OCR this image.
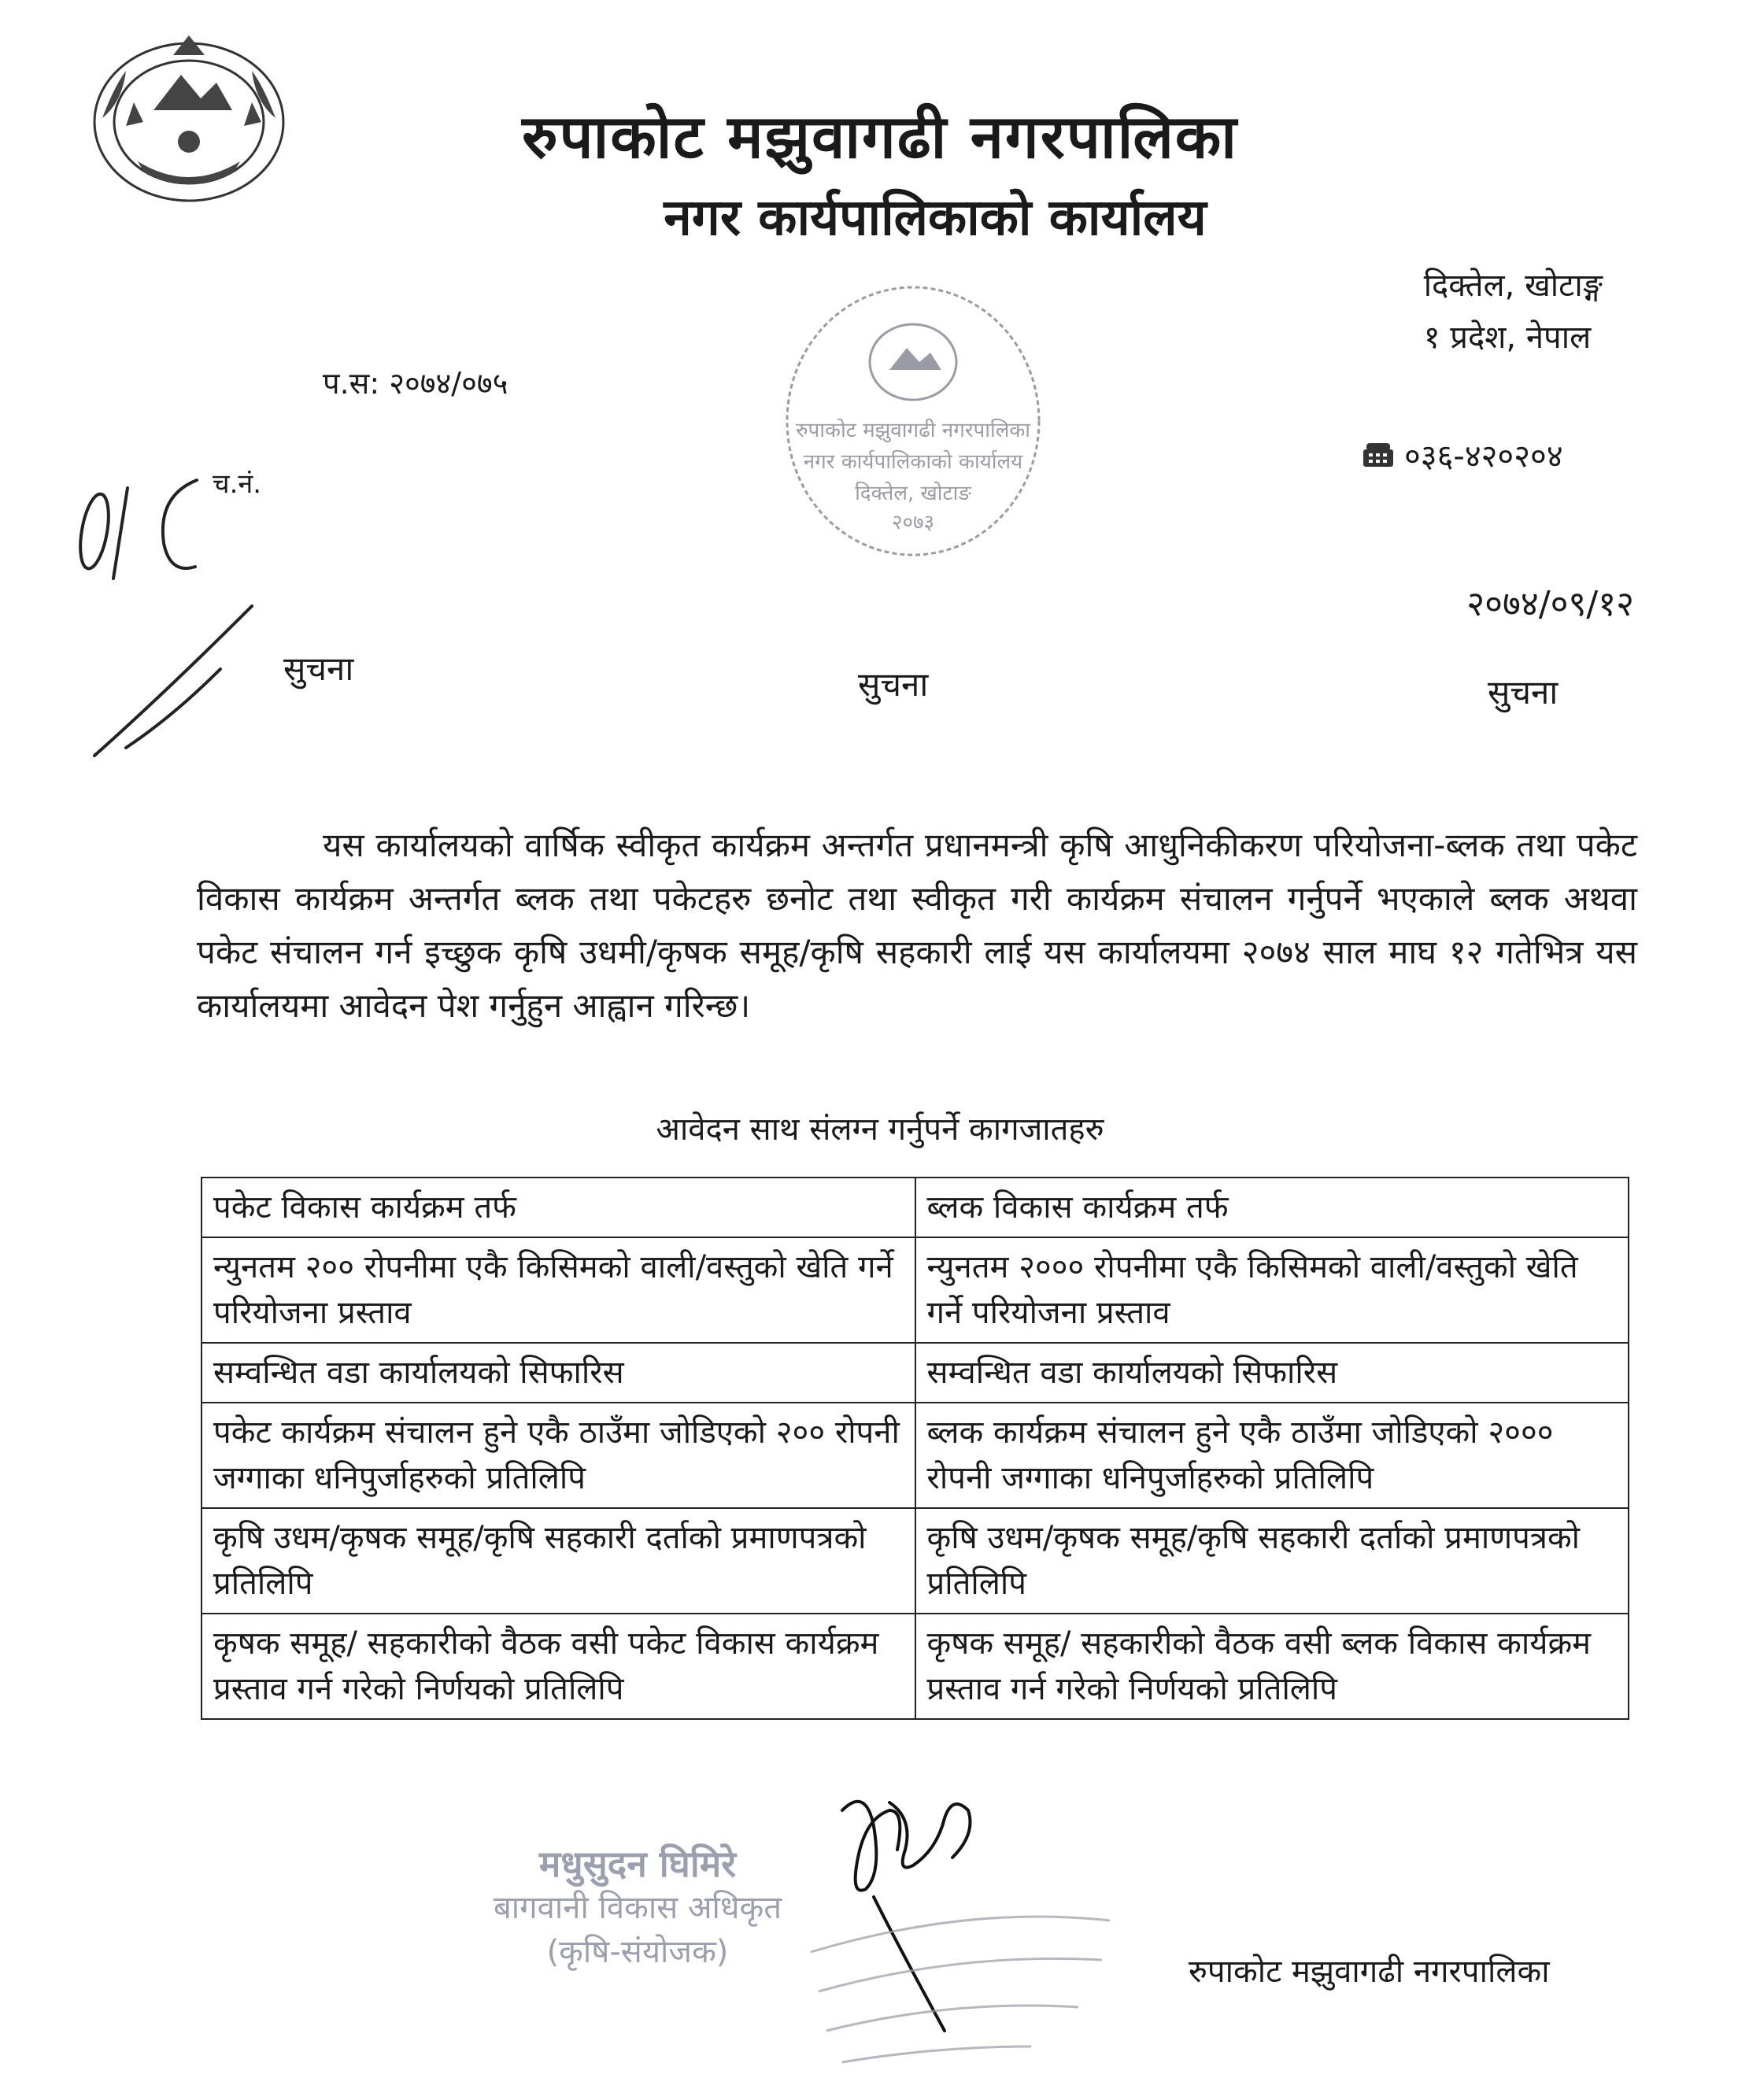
रुपाकोट मझुवागढी नगरपालिका
नगर कार्यपालिकाको कार्यालय
दिक्तेल, खोटाङ्ग
१ प्रदेश, नेपाल
प.स: २०७४/०७५
०३६-४२०२०४
च.नं.
रुपाकोट मझुवागढी नगरपालिका
नगर कार्यपालिकाको कार्यालय
दिक्तेल, खोटाङ
२०७३
२०७४/०९/१२
सुचना	सुचना	सुचना
यस कार्यालयको वार्षिक स्वीकृत कार्यक्रम अन्तर्गत प्रधानमन्त्री कृषि आधुनिकीकरण परियोजना-ब्लक तथा पकेट विकास कार्यक्रम अन्तर्गत ब्लक तथा पकेटहरु छनोट तथा स्वीकृत गरी कार्यक्रम संचालन गर्नुपर्ने भएकाले ब्लक अथवा पकेट संचालन गर्न इच्छुक कृषि उधमी/कृषक समूह/कृषि सहकारी लाई यस कार्यालयमा २०७४ साल माघ १२ गतेभित्र यस कार्यालयमा आवेदन पेश गर्नुहुन आह्वान गरिन्छ।
आवेदन साथ संलग्न गर्नुपर्ने कागजातहरु
पकेट विकास कार्यक्रम तर्फ	ब्लक विकास कार्यक्रम तर्फ
न्युनतम २०० रोपनीमा एकै किसिमको वाली/वस्तुको खेति गर्ने परियोजना प्रस्ताव	न्युनतम २००० रोपनीमा एकै किसिमको वाली/वस्तुको खेति गर्ने परियोजना प्रस्ताव
सम्वन्धित वडा कार्यालयको सिफारिस	सम्वन्धित वडा कार्यालयको सिफारिस
पकेट कार्यक्रम संचालन हुने एकै ठाउँमा जोडिएको २०० रोपनी जग्गाका धनिपुर्जाहरुको प्रतिलिपि	ब्लक कार्यक्रम संचालन हुने एकै ठाउँमा जोडिएको २००० रोपनी जग्गाका धनिपुर्जाहरुको प्रतिलिपि
कृषि उधम/कृषक समूह/कृषि सहकारी दर्ताको प्रमाणपत्रको प्रतिलिपि	कृषि उधम/कृषक समूह/कृषि सहकारी दर्ताको प्रमाणपत्रको प्रतिलिपि
कृषक समूह/ सहकारीको वैठक वसी पकेट विकास कार्यक्रम प्रस्ताव गर्न गरेको निर्णयको प्रतिलिपि	कृषक समूह/ सहकारीको वैठक वसी ब्लक विकास कार्यक्रम प्रस्ताव गर्न गरेको निर्णयको प्रतिलिपि
मधुसुदन घिमिरे
बागवानी विकास अधिकृत
(कृषि-संयोजक)
रुपाकोट मझुवागढी नगरपालिका
